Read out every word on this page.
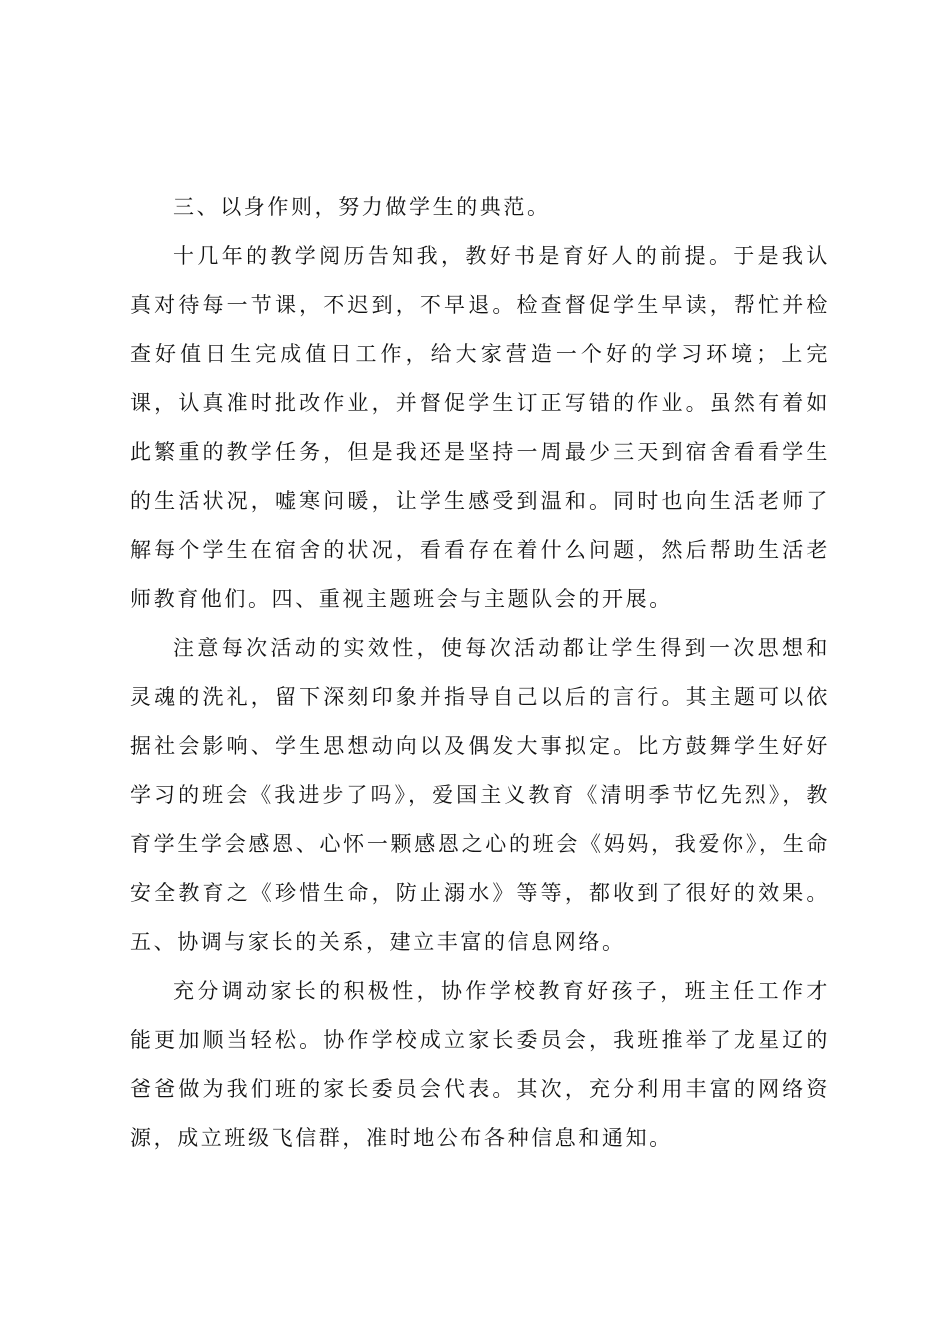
三、以身作则，努力做学生的典范。

十几年的教学阅历告知我，教好书是育好人的前提。于是我认真对待每一节课，不迟到，不早退。检查督促学生早读，帮忙并检查好值日生完成值日工作，给大家营造一个好的学习环境；上完课，认真准时批改作业，并督促学生订正写错的作业。虽然有着如此繁重的教学任务，但是我还是坚持一周最少三天到宿舍看看学生的生活状况，嘘寒问暖，让学生感受到温和。同时也向生活老师了解每个学生在宿舍的状况，看看存在着什么问题，然后帮助生活老师教育他们。四、重视主题班会与主题队会的开展。

注意每次活动的实效性，使每次活动都让学生得到一次思想和灵魂的洗礼，留下深刻印象并指导自己以后的言行。其主题可以依据社会影响、学生思想动向以及偶发大事拟定。比方鼓舞学生好好学习的班会《我进步了吗》，爱国主义教育《清明季节忆先烈》，教育学生学会感恩、心怀一颗感恩之心的班会《妈妈，我爱你》，生命安全教育之《珍惜生命，防止溺水》等等，都收到了很好的效果。五、协调与家长的关系，建立丰富的信息网络。

充分调动家长的积极性，协作学校教育好孩子，班主任工作才能更加顺当轻松。协作学校成立家长委员会，我班推举了龙星辽的爸爸做为我们班的家长委员会代表。其次，充分利用丰富的网络资源，成立班级飞信群，准时地公布各种信息和通知。
